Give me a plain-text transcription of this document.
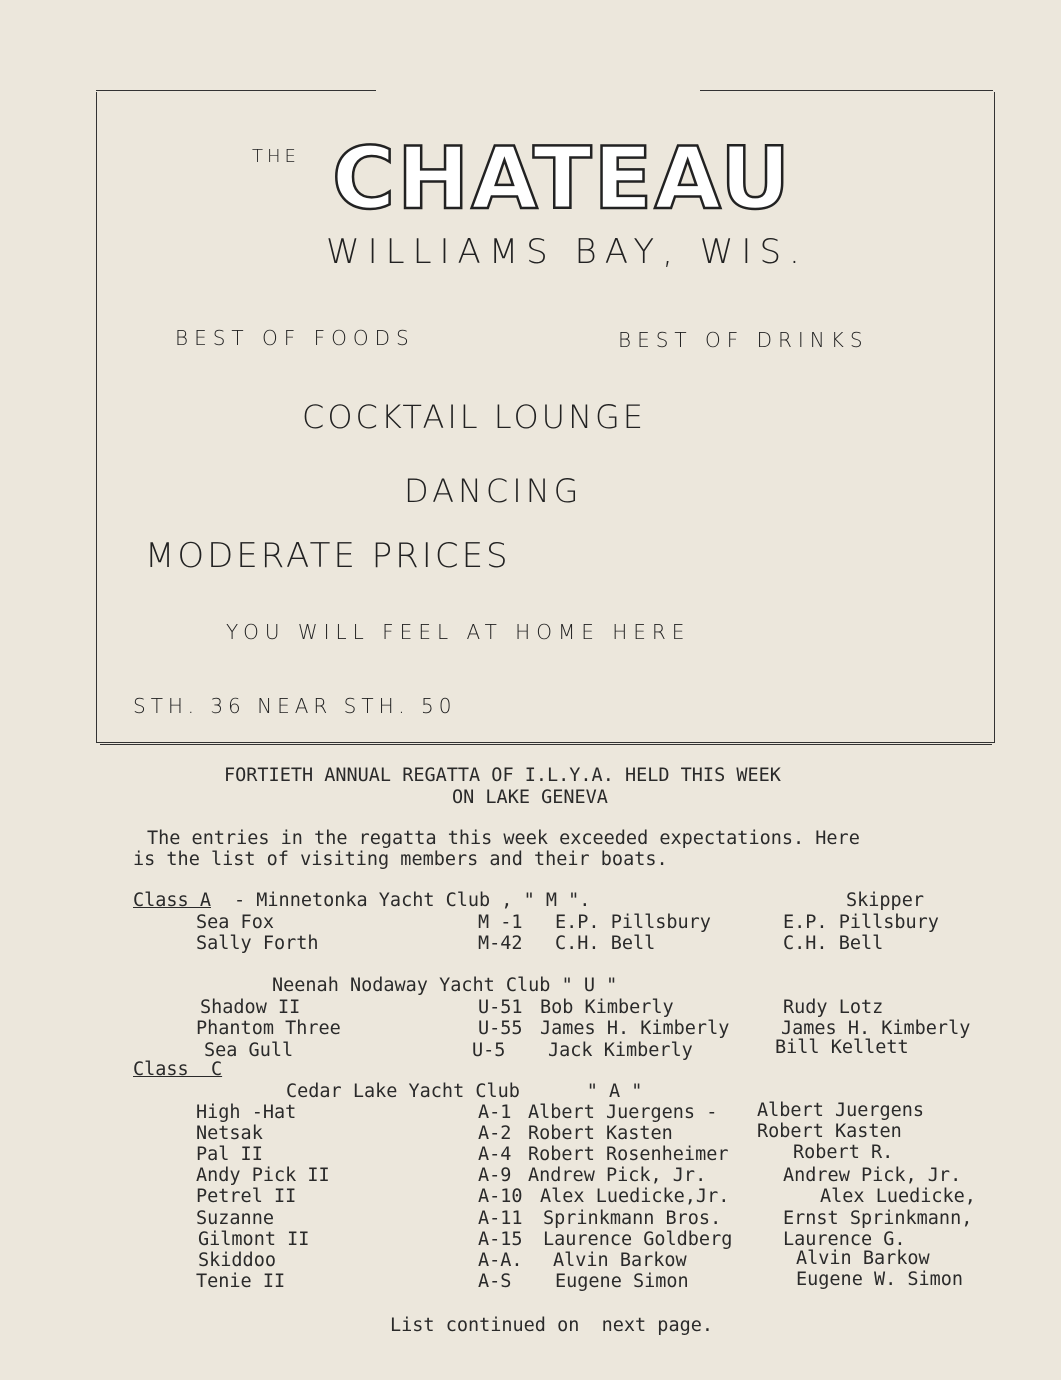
THE CHATEAU
WILLIAMS BAY, WIS.
BEST OF FOODS	BEST OF DRINKS
COCKTAIL LOUNGE
DANCING
MODERATE PRICES
YOU WILL FEEL AT HOME HERE
STH. 36 NEAR STH. 50
FORTIETH ANNUAL REGATTA OF I.L.Y.A. HELD THIS WEEK
ON LAKE GENEVA
The entries in the regatta this week exceeded expectations. Here
is the list of visiting members and their boats.
Class A - Minnetonka Yacht Club , " M ".	Skipper
Sea Fox	M -1 E.P. Pillsbury	E.P. Pillsbury
Sally Forth	M-42 C.H. Bell	C.H. Bell
Neenah Nodaway Yacht Club " U "
Shadow II	U-51 Bob Kimberly	Rudy Lotz
Phantom Three	U-55 James H. Kimberly	James H. Kimberly
Sea Gull	U-5 Jack Kimberly	Bill Kellett
Class  C
Cedar Lake Yacht Club      " A "
High -Hat	A-1 Albert Juergens - Albert Juergens
Netsak	A-2 Robert Kasten	Robert Kasten
Pal II	A-4 Robert Rosenheimer	Robert R.
Andy Pick II	A-9 Andrew Pick, Jr.	Andrew Pick, Jr.
Petrel II	A-10 Alex Luedicke,Jr.	Alex Luedicke,
Suzanne	A-11 Sprinkmann Bros.	Ernst Sprinkmann,
Gilmont II	A-15 Laurence Goldberg	Laurence G.
Skiddoo	A-A. Alvin Barkow	Alvin Barkow
Tenie II	A-S Eugene Simon	Eugene W. Simon
List continued on  next page.
